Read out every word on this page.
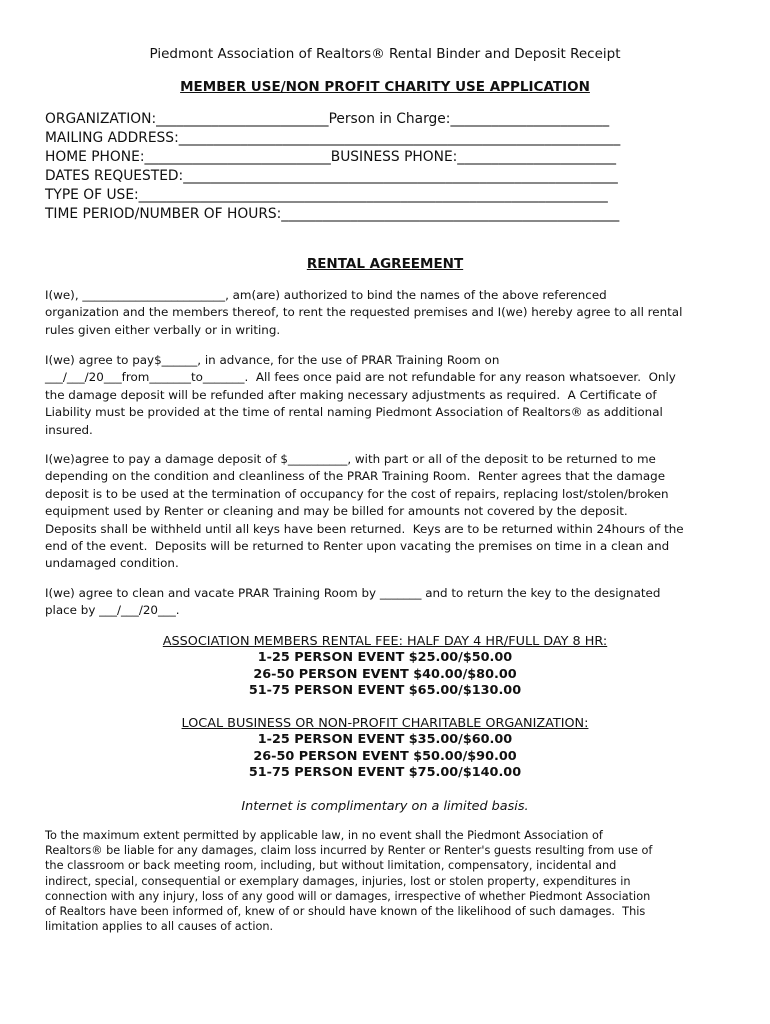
Piedmont Association of Realtors® Rental Binder and Deposit Receipt
MEMBER USE/NON PROFIT CHARITY USE APPLICATION
ORGANIZATION:_________________________Person in Charge:_______________________
MAILING ADDRESS:________________________________________________________________
HOME PHONE:___________________________BUSINESS PHONE:_______________________
DATES REQUESTED:_______________________________________________________________
TYPE OF USE:____________________________________________________________________
TIME PERIOD/NUMBER OF HOURS:_________________________________________________
RENTAL AGREEMENT
I(we), ________________________, am(are) authorized to bind the names of the above referenced
organization and the members thereof, to rent the requested premises and I(we) hereby agree to all rental
rules given either verbally or in writing.
I(we) agree to pay$______, in advance, for the use of PRAR Training Room on
___/___/20___from_______to_______.  All fees once paid are not refundable for any reason whatsoever.  Only
the damage deposit will be refunded after making necessary adjustments as required.  A Certificate of
Liability must be provided at the time of rental naming Piedmont Association of Realtors® as additional
insured.
I(we)agree to pay a damage deposit of $__________, with part or all of the deposit to be returned to me
depending on the condition and cleanliness of the PRAR Training Room.  Renter agrees that the damage
deposit is to be used at the termination of occupancy for the cost of repairs, replacing lost/stolen/broken
equipment used by Renter or cleaning and may be billed for amounts not covered by the deposit.
Deposits shall be withheld until all keys have been returned.  Keys are to be returned within 24hours of the
end of the event.  Deposits will be returned to Renter upon vacating the premises on time in a clean and
undamaged condition.
I(we) agree to clean and vacate PRAR Training Room by _______ and to return the key to the designated
place by ___/___/20___.
ASSOCIATION MEMBERS RENTAL FEE: HALF DAY 4 HR/FULL DAY 8 HR:
1-25 PERSON EVENT $25.00/$50.00
26-50 PERSON EVENT $40.00/$80.00
51-75 PERSON EVENT $65.00/$130.00
LOCAL BUSINESS OR NON-PROFIT CHARITABLE ORGANIZATION:
1-25 PERSON EVENT $35.00/$60.00
26-50 PERSON EVENT $50.00/$90.00
51-75 PERSON EVENT $75.00/$140.00
Internet is complimentary on a limited basis.
To the maximum extent permitted by applicable law, in no event shall the Piedmont Association of
Realtors® be liable for any damages, claim loss incurred by Renter or Renter's guests resulting from use of
the classroom or back meeting room, including, but without limitation, compensatory, incidental and
indirect, special, consequential or exemplary damages, injuries, lost or stolen property, expenditures in
connection with any injury, loss of any good will or damages, irrespective of whether Piedmont Association
of Realtors have been informed of, knew of or should have known of the likelihood of such damages.  This
limitation applies to all causes of action.
